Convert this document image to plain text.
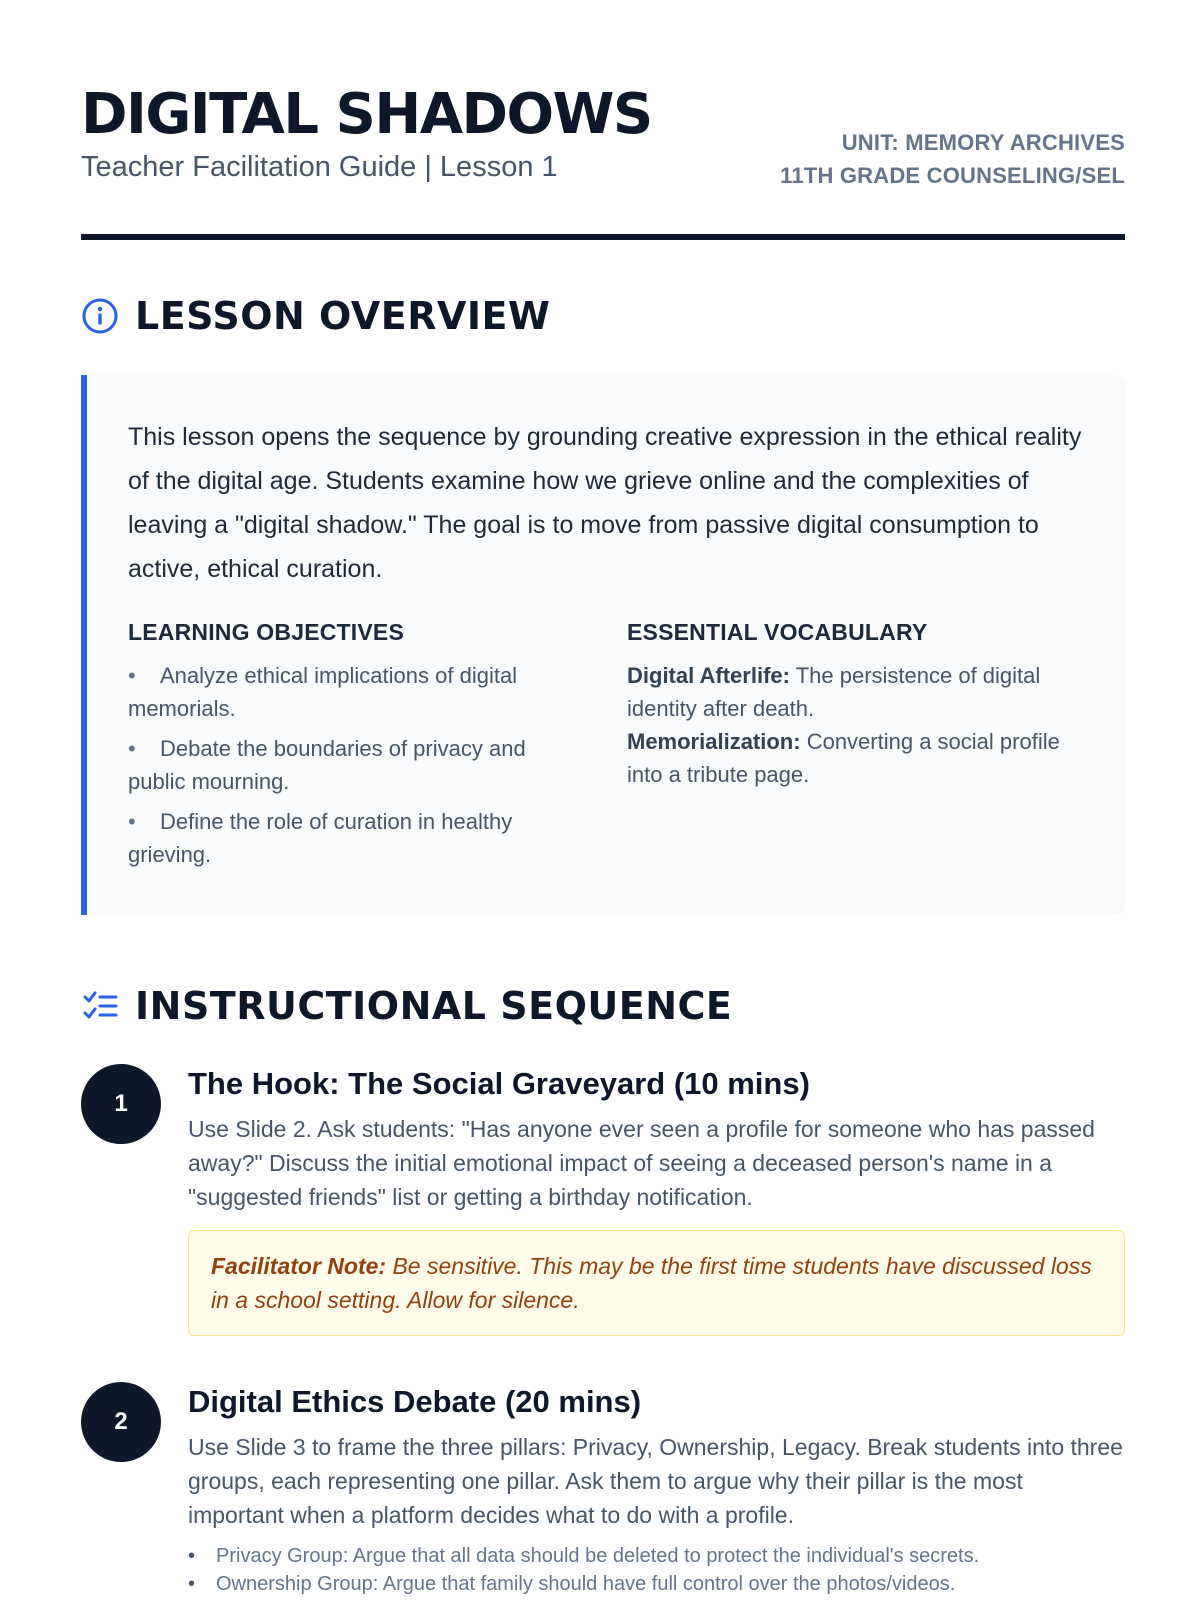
DIGITAL SHADOWS
Teacher Facilitation Guide | Lesson 1
UNIT: MEMORY ARCHIVES
11TH GRADE COUNSELING/SEL
LESSON OVERVIEW
This lesson opens the sequence by grounding creative expression in the ethical reality of the digital age. Students examine how we grieve online and the complexities of leaving a "digital shadow." The goal is to move from passive digital consumption to active, ethical curation.
LEARNING OBJECTIVES
• Analyze ethical implications of digital memorials.
• Debate the boundaries of privacy and public mourning.
• Define the role of curation in healthy grieving.
ESSENTIAL VOCABULARY
Digital Afterlife: The persistence of digital identity after death.
Memorialization: Converting a social profile into a tribute page.
INSTRUCTIONAL SEQUENCE
1
The Hook: The Social Graveyard (10 mins)
Use Slide 2. Ask students: "Has anyone ever seen a profile for someone who has passed away?" Discuss the initial emotional impact of seeing a deceased person's name in a "suggested friends" list or getting a birthday notification.
Facilitator Note: Be sensitive. This may be the first time students have discussed loss in a school setting. Allow for silence.
2
Digital Ethics Debate (20 mins)
Use Slide 3 to frame the three pillars: Privacy, Ownership, Legacy. Break students into three groups, each representing one pillar. Ask them to argue why their pillar is the most important when a platform decides what to do with a profile.
• Privacy Group: Argue that all data should be deleted to protect the individual's secrets.
• Ownership Group: Argue that family should have full control over the photos/videos.
